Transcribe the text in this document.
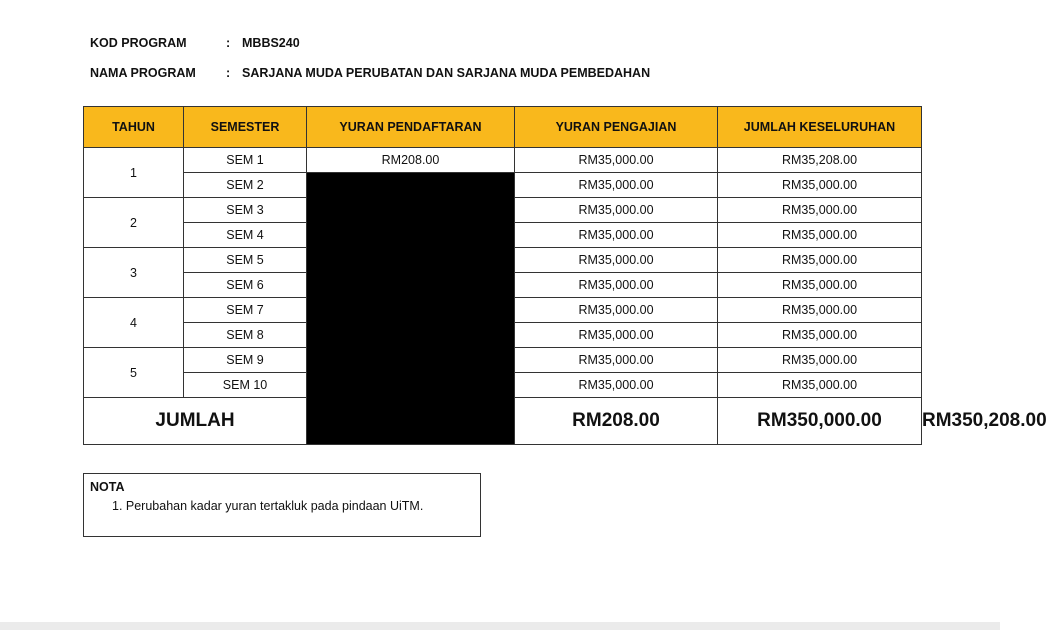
KOD PROGRAM	: MBBS240
NAMA PROGRAM	: SARJANA MUDA PERUBATAN DAN SARJANA MUDA PEMBEDAHAN
TAHUN	SEMESTER	YURAN PENDAFTARAN	YURAN PENGAJIAN	JUMLAH KESELURUHAN	
1	SEM 1	RM208.00	RM35,000.00	RM35,208.00	
	SEM 2		RM35,000.00	RM35,000.00	
2	SEM 3		RM35,000.00	RM35,000.00	
	SEM 4		RM35,000.00	RM35,000.00	
3	SEM 5		RM35,000.00	RM35,000.00	
	SEM 6		RM35,000.00	RM35,000.00	
4	SEM 7		RM35,000.00	RM35,000.00	
	SEM 8		RM35,000.00	RM35,000.00	
5	SEM 9		RM35,000.00	RM35,000.00	
	SEM 10		RM35,000.00	RM35,000.00	
JUMLAH			RM208.00	RM350,000.00	RM350,208.00
NOTA
1. Perubahan kadar yuran tertakluk pada pindaan UiTM.
